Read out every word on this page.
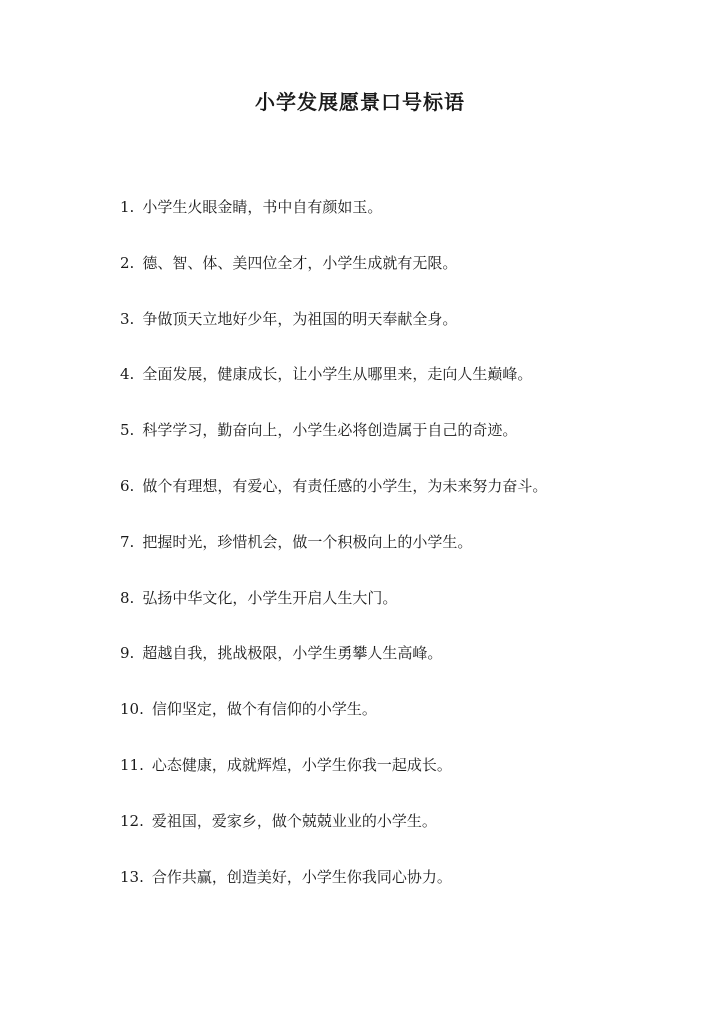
小学发展愿景口号标语
1. 小学生火眼金睛，书中自有颜如玉。
2. 德、智、体、美四位全才，小学生成就有无限。
3. 争做顶天立地好少年，为祖国的明天奉献全身。
4. 全面发展，健康成长，让小学生从哪里来，走向人生巅峰。
5. 科学学习，勤奋向上，小学生必将创造属于自己的奇迹。
6. 做个有理想，有爱心，有责任感的小学生，为未来努力奋斗。
7. 把握时光，珍惜机会，做一个积极向上的小学生。
8. 弘扬中华文化，小学生开启人生大门。
9. 超越自我，挑战极限，小学生勇攀人生高峰。
10. 信仰坚定，做个有信仰的小学生。
11. 心态健康，成就辉煌，小学生你我一起成长。
12. 爱祖国，爱家乡，做个兢兢业业的小学生。
13. 合作共赢，创造美好，小学生你我同心协力。
